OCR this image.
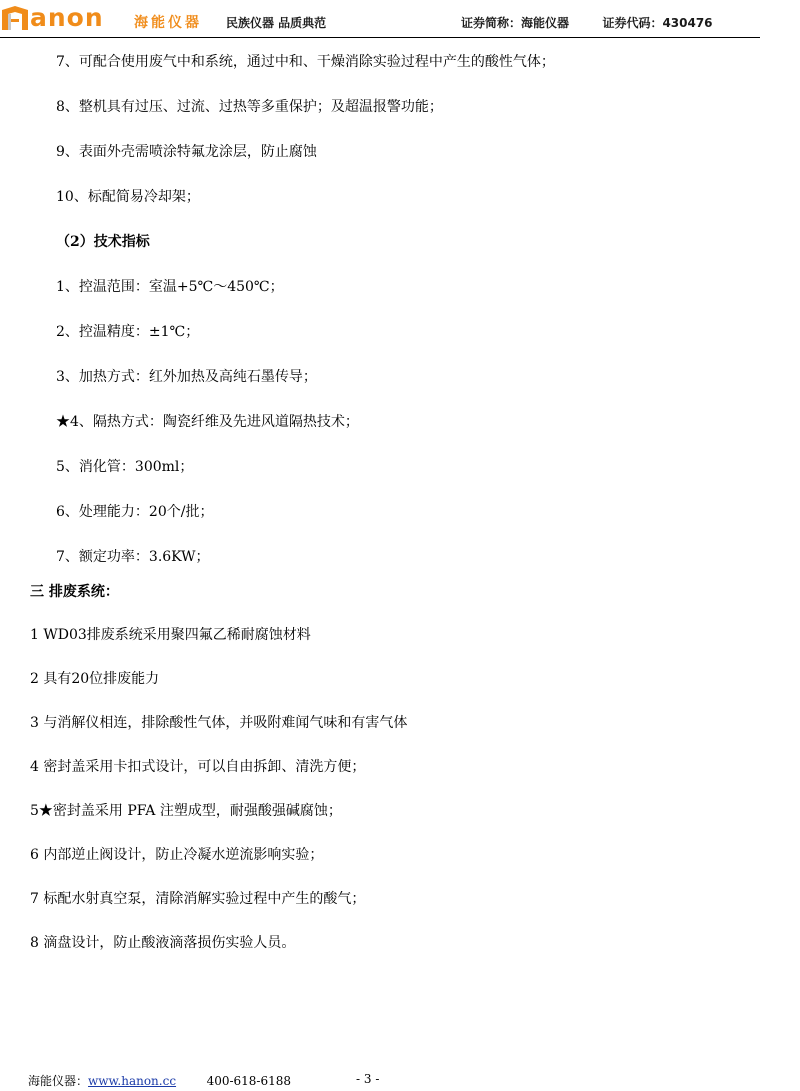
anon 海能仪器 民族仪器 品质典范	证券简称：海能仪器	证券代码：430476
7、可配合使用废气中和系统，通过中和、干燥消除实验过程中产生的酸性气体；
8、整机具有过压、过流、过热等多重保护；及超温报警功能；
9、表面外壳需喷涂特氟龙涂层，防止腐蚀
10、标配简易冷却架；
（2）技术指标
1、控温范围：室温+5℃～450℃；
2、控温精度：±1℃；
3、加热方式：红外加热及高纯石墨传导；
★4、隔热方式：陶瓷纤维及先进风道隔热技术；
5、消化管：300ml；
6、处理能力：20个/批；
7、额定功率：3.6KW；
三 排废系统：
1 WD03排废系统采用聚四氟乙稀耐腐蚀材料
2 具有20位排废能力
3 与消解仪相连，排除酸性气体，并吸附难闻气味和有害气体
4 密封盖采用卡扣式设计，可以自由拆卸、清洗方便；
5★密封盖采用 PFA 注塑成型，耐强酸强碱腐蚀；
6 内部逆止阀设计，防止冷凝水逆流影响实验；
7 标配水射真空泵，清除消解实验过程中产生的酸气；
8 滴盘设计，防止酸液滴落损伤实验人员。
海能仪器：www.hanon.cc	400-618-6188	- 3 -
